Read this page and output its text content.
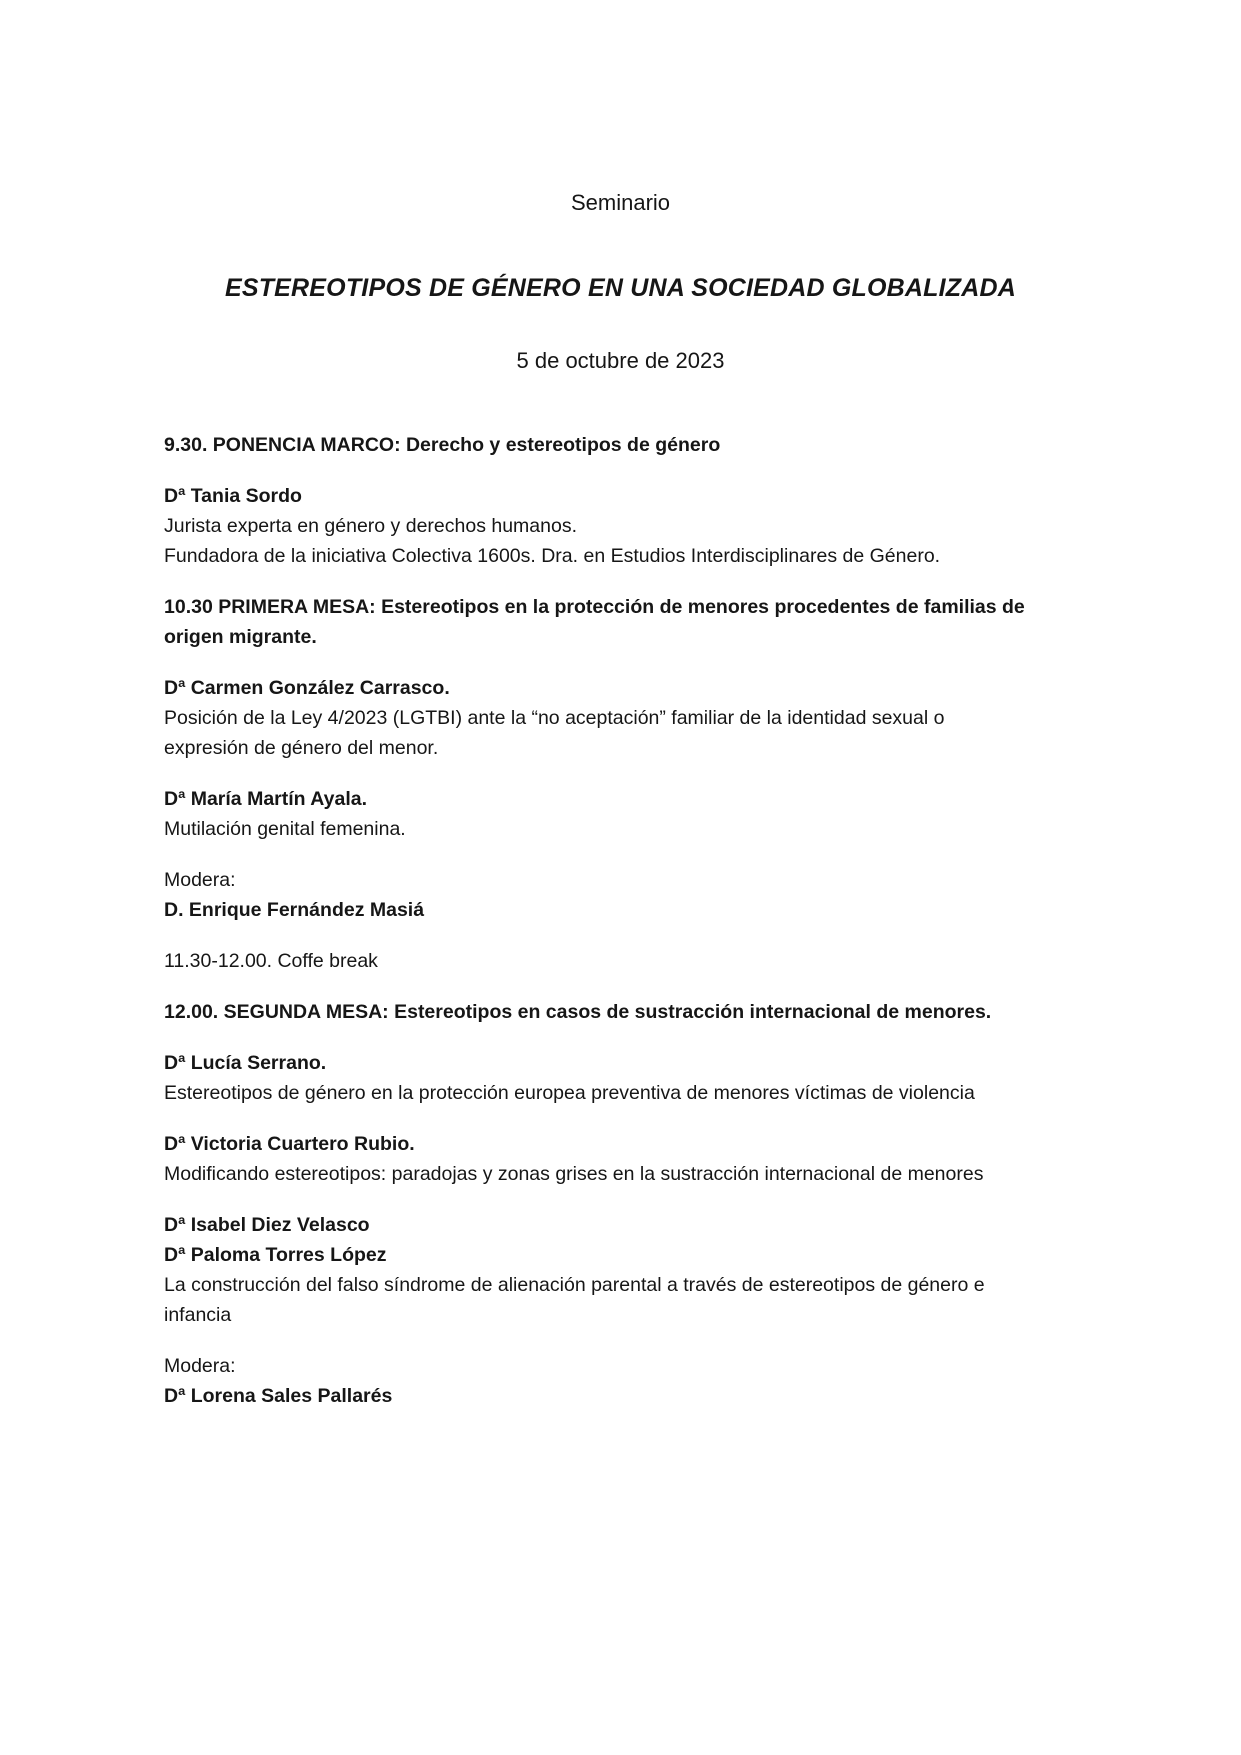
Seminario

ESTEREOTIPOS DE GÉNERO EN UNA SOCIEDAD GLOBALIZADA

5 de octubre de 2023

9.30. PONENCIA MARCO: Derecho y estereotipos de género
Dª Tania Sordo
Jurista experta en género y derechos humanos.
Fundadora de la iniciativa Colectiva 1600s. Dra. en Estudios Interdisciplinares de Género.
10.30 PRIMERA MESA: Estereotipos en la protección de menores procedentes de familias de
origen migrante.
Dª Carmen González Carrasco.
Posición de la Ley 4/2023 (LGTBI) ante la “no aceptación” familiar de la identidad sexual o
expresión de género del menor.
Dª María Martín Ayala.
Mutilación genital femenina.
Modera:
D. Enrique Fernández Masiá
11.30-12.00. Coffe break
12.00. SEGUNDA MESA: Estereotipos en casos de sustracción internacional de menores.
Dª Lucía Serrano.
Estereotipos de género en la protección europea preventiva de menores víctimas de violencia
Dª Victoria Cuartero Rubio.
Modificando estereotipos: paradojas y zonas grises en la sustracción internacional de menores
Dª Isabel Diez Velasco
Dª Paloma Torres López
La construcción del falso síndrome de alienación parental a través de estereotipos de género e
infancia
Modera:
Dª Lorena Sales Pallarés
